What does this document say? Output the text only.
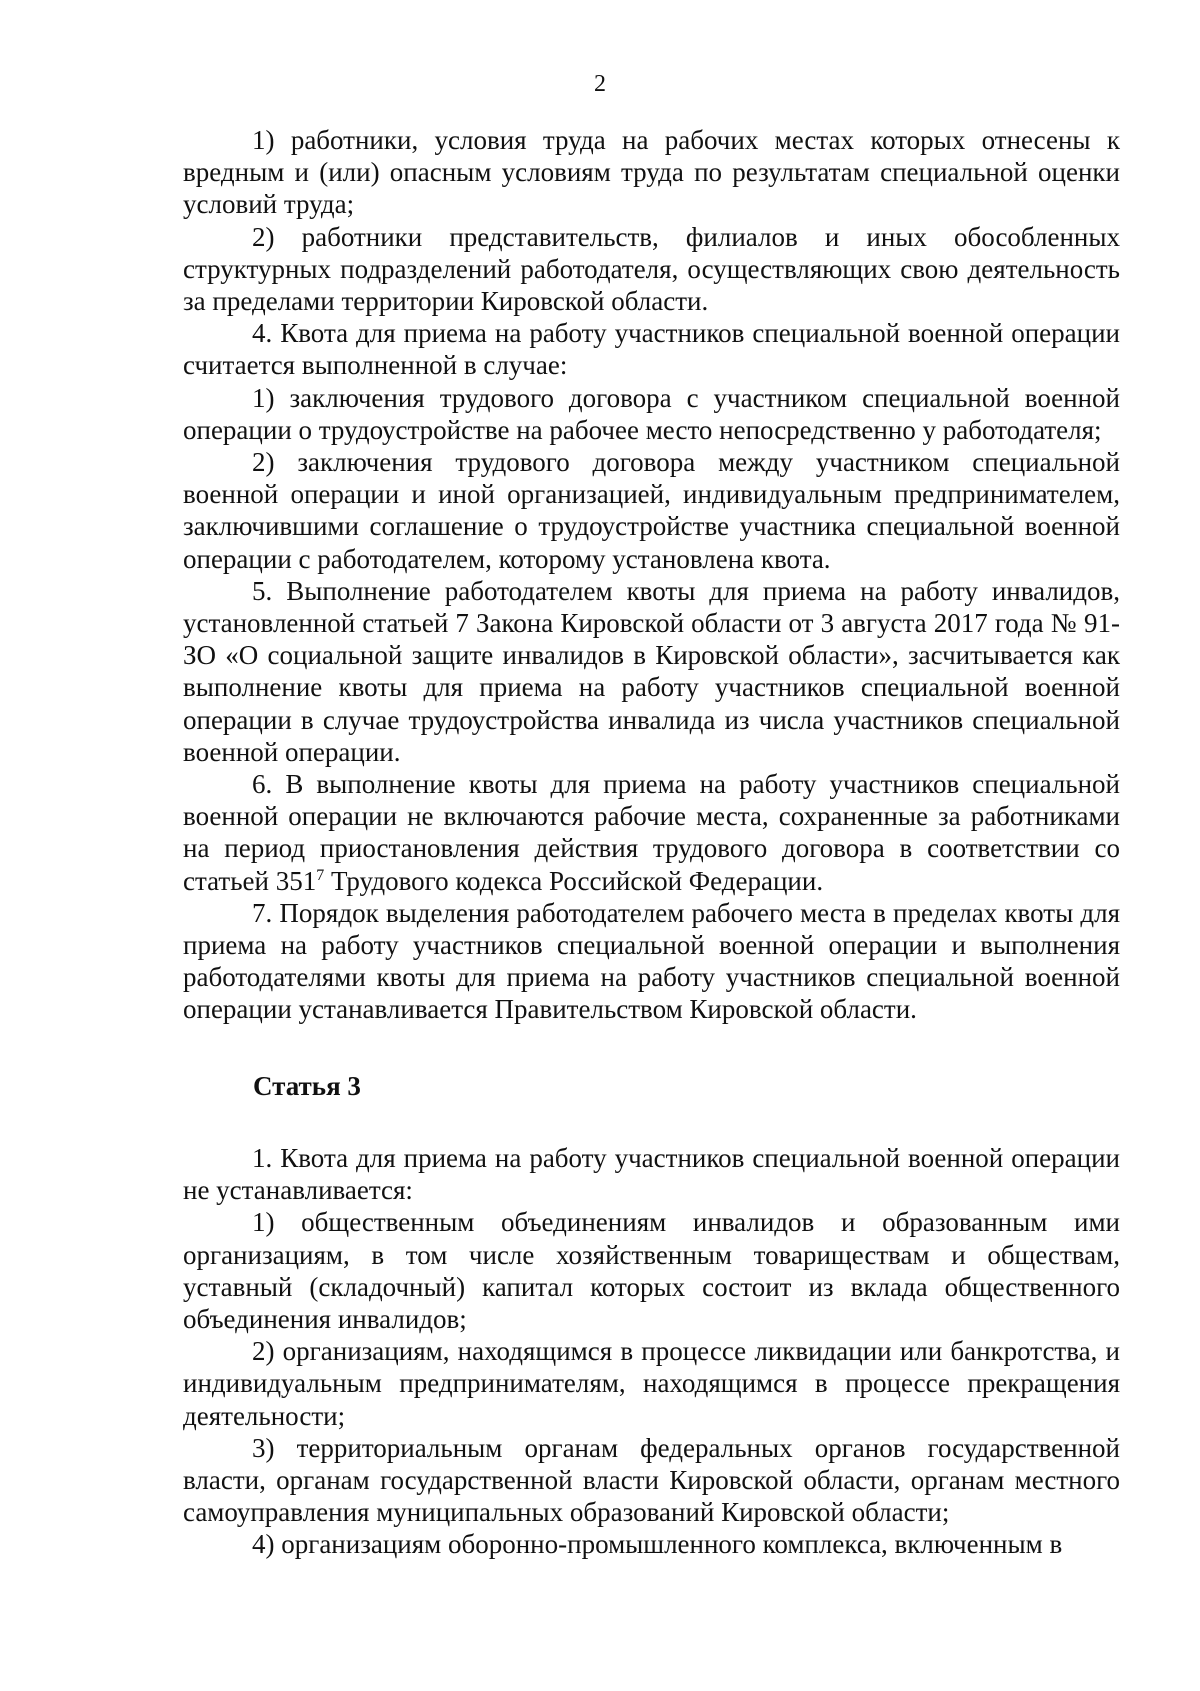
2

1) работники, условия труда на рабочих местах которых отнесены к вредным и (или) опасным условиям труда по результатам специальной оценки условий труда;

2) работники представительств, филиалов и иных обособленных структурных подразделений работодателя, осуществляющих свою деятельность за пределами территории Кировской области.

4. Квота для приема на работу участников специальной военной операции считается выполненной в случае:

1) заключения трудового договора с участником специальной военной операции о трудоустройстве на рабочее место непосредственно у работодателя;

2) заключения трудового договора между участником специальной военной операции и иной организацией, индивидуальным предпринимателем, заключившими соглашение о трудоустройстве участника специальной военной операции с работодателем, которому установлена квота.

5. Выполнение работодателем квоты для приема на работу инвалидов, установленной статьей 7 Закона Кировской области от 3 августа 2017 года № 91-ЗО «О социальной защите инвалидов в Кировской области», засчитывается как выполнение квоты для приема на работу участников специальной военной операции в случае трудоустройства инвалида из числа участников специальной военной операции.

6. В выполнение квоты для приема на работу участников специальной военной операции не включаются рабочие места, сохраненные за работниками на период приостановления действия трудового договора в соответствии со статьей $351^7$ Трудового кодекса Российской Федерации.

7. Порядок выделения работодателем рабочего места в пределах квоты для приема на работу участников специальной военной операции и выполнения работодателями квоты для приема на работу участников специальной военной операции устанавливается Правительством Кировской области.

Статья 3

1. Квота для приема на работу участников специальной военной операции не устанавливается:

1) общественным объединениям инвалидов и образованным ими организациям, в том числе хозяйственным товариществам и обществам, уставный (складочный) капитал которых состоит из вклада общественного объединения инвалидов;

2) организациям, находящимся в процессе ликвидации или банкротства, и индивидуальным предпринимателям, находящимся в процессе прекращения деятельности;

3) территориальным органам федеральных органов государственной власти, органам государственной власти Кировской области, органам местного самоуправления муниципальных образований Кировской области;

4) организациям оборонно-промышленного комплекса, включенным в
